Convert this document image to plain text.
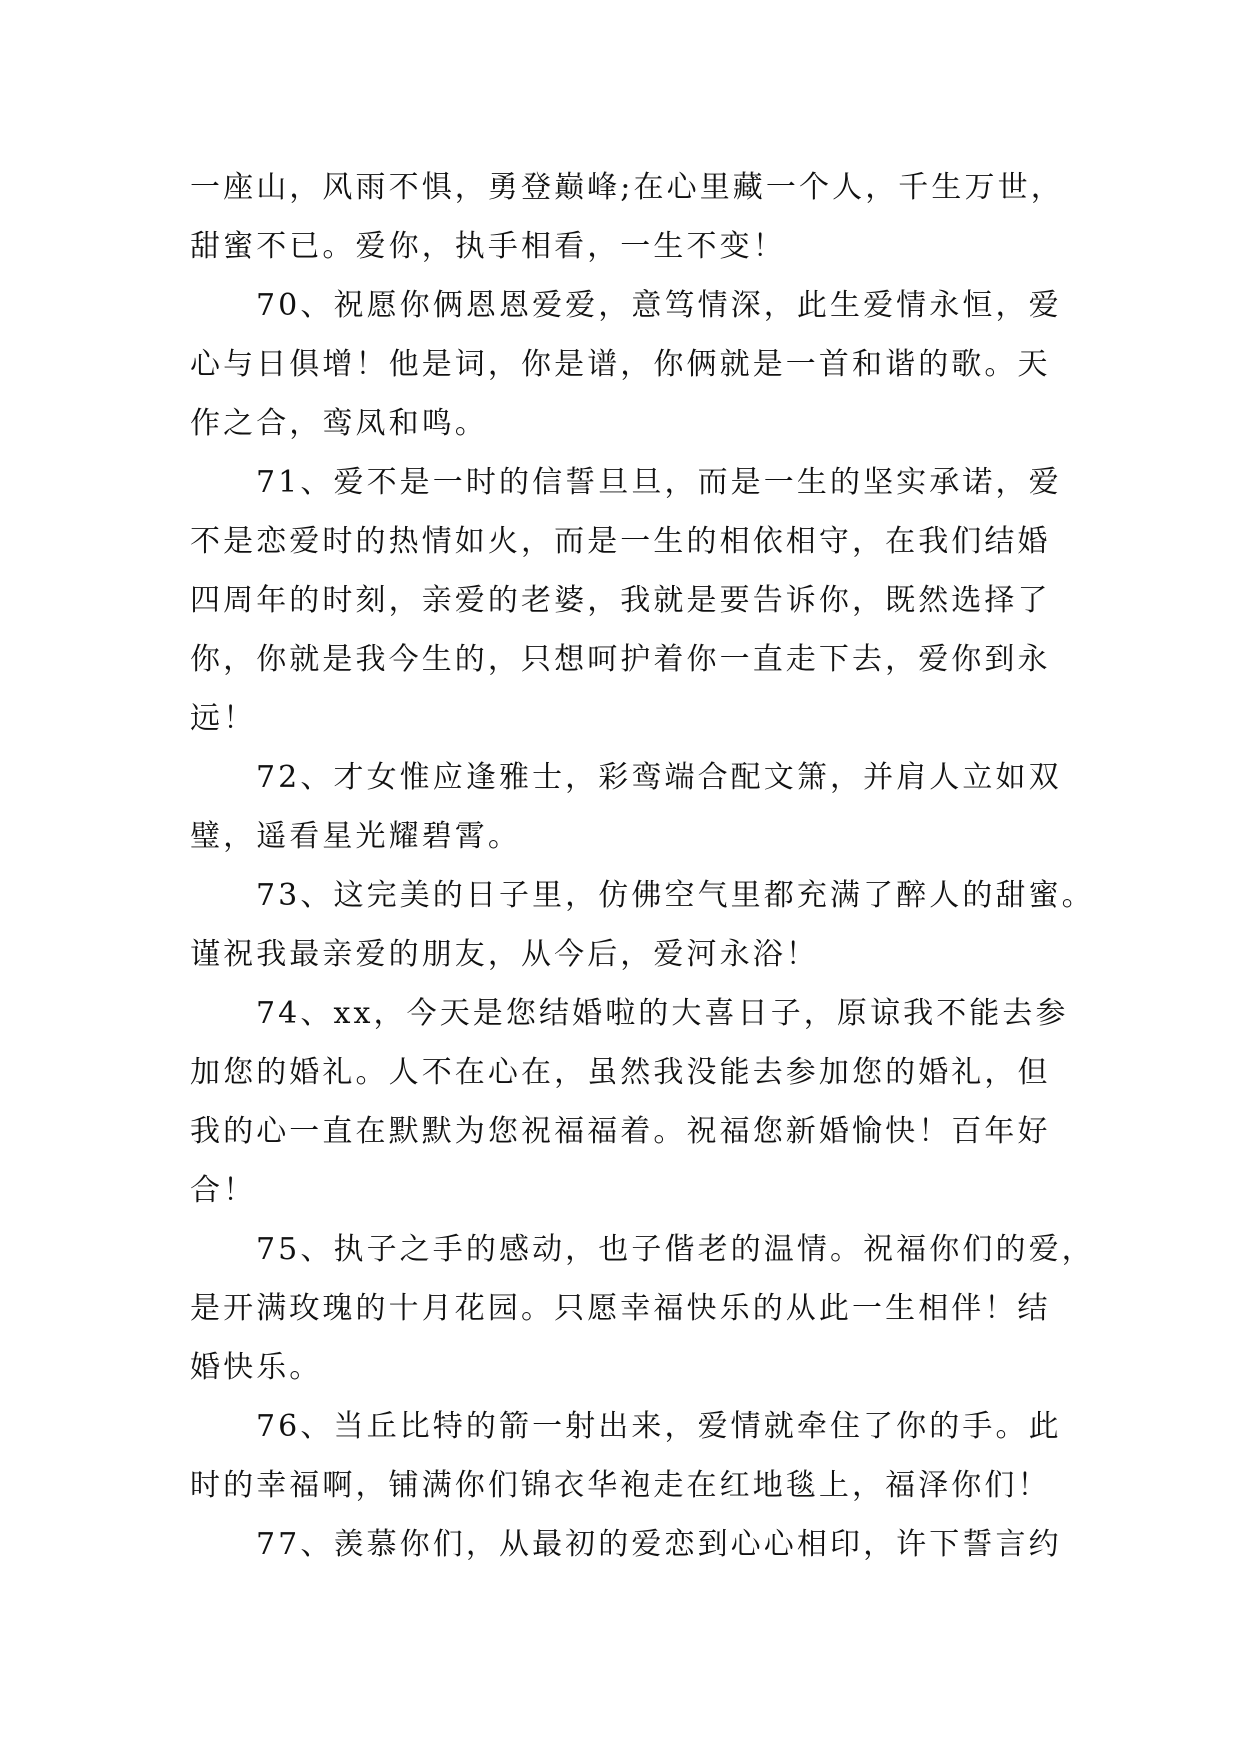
一座山，风雨不惧，勇登巅峰;在心里藏一个人，千生万世，
甜蜜不已。爱你，执手相看，一生不变！

70、祝愿你俩恩恩爱爱，意笃情深，此生爱情永恒，爱
心与日俱增！他是词，你是谱，你俩就是一首和谐的歌。天
作之合，鸾凤和鸣。

71、爱不是一时的信誓旦旦，而是一生的坚实承诺，爱
不是恋爱时的热情如火，而是一生的相依相守，在我们结婚
四周年的时刻，亲爱的老婆，我就是要告诉你，既然选择了
你，你就是我今生的，只想呵护着你一直走下去，爱你到永
远！

72、才女惟应逢雅士，彩鸾端合配文箫，并肩人立如双
璧，遥看星光耀碧霄。

73、这完美的日子里，仿佛空气里都充满了醉人的甜蜜。
谨祝我最亲爱的朋友，从今后，爱河永浴！

74、xx，今天是您结婚啦的大喜日子，原谅我不能去参
加您的婚礼。人不在心在，虽然我没能去参加您的婚礼，但
我的心一直在默默为您祝福福着。祝福您新婚愉快！百年好
合！

75、执子之手的感动，也子偕老的温情。祝福你们的爱，
是开满玫瑰的十月花园。只愿幸福快乐的从此一生相伴！结
婚快乐。

76、当丘比特的箭一射出来，爱情就牵住了你的手。此
时的幸福啊，铺满你们锦衣华袍走在红地毯上，福泽你们！

77、羡慕你们，从最初的爱恋到心心相印，许下誓言约
